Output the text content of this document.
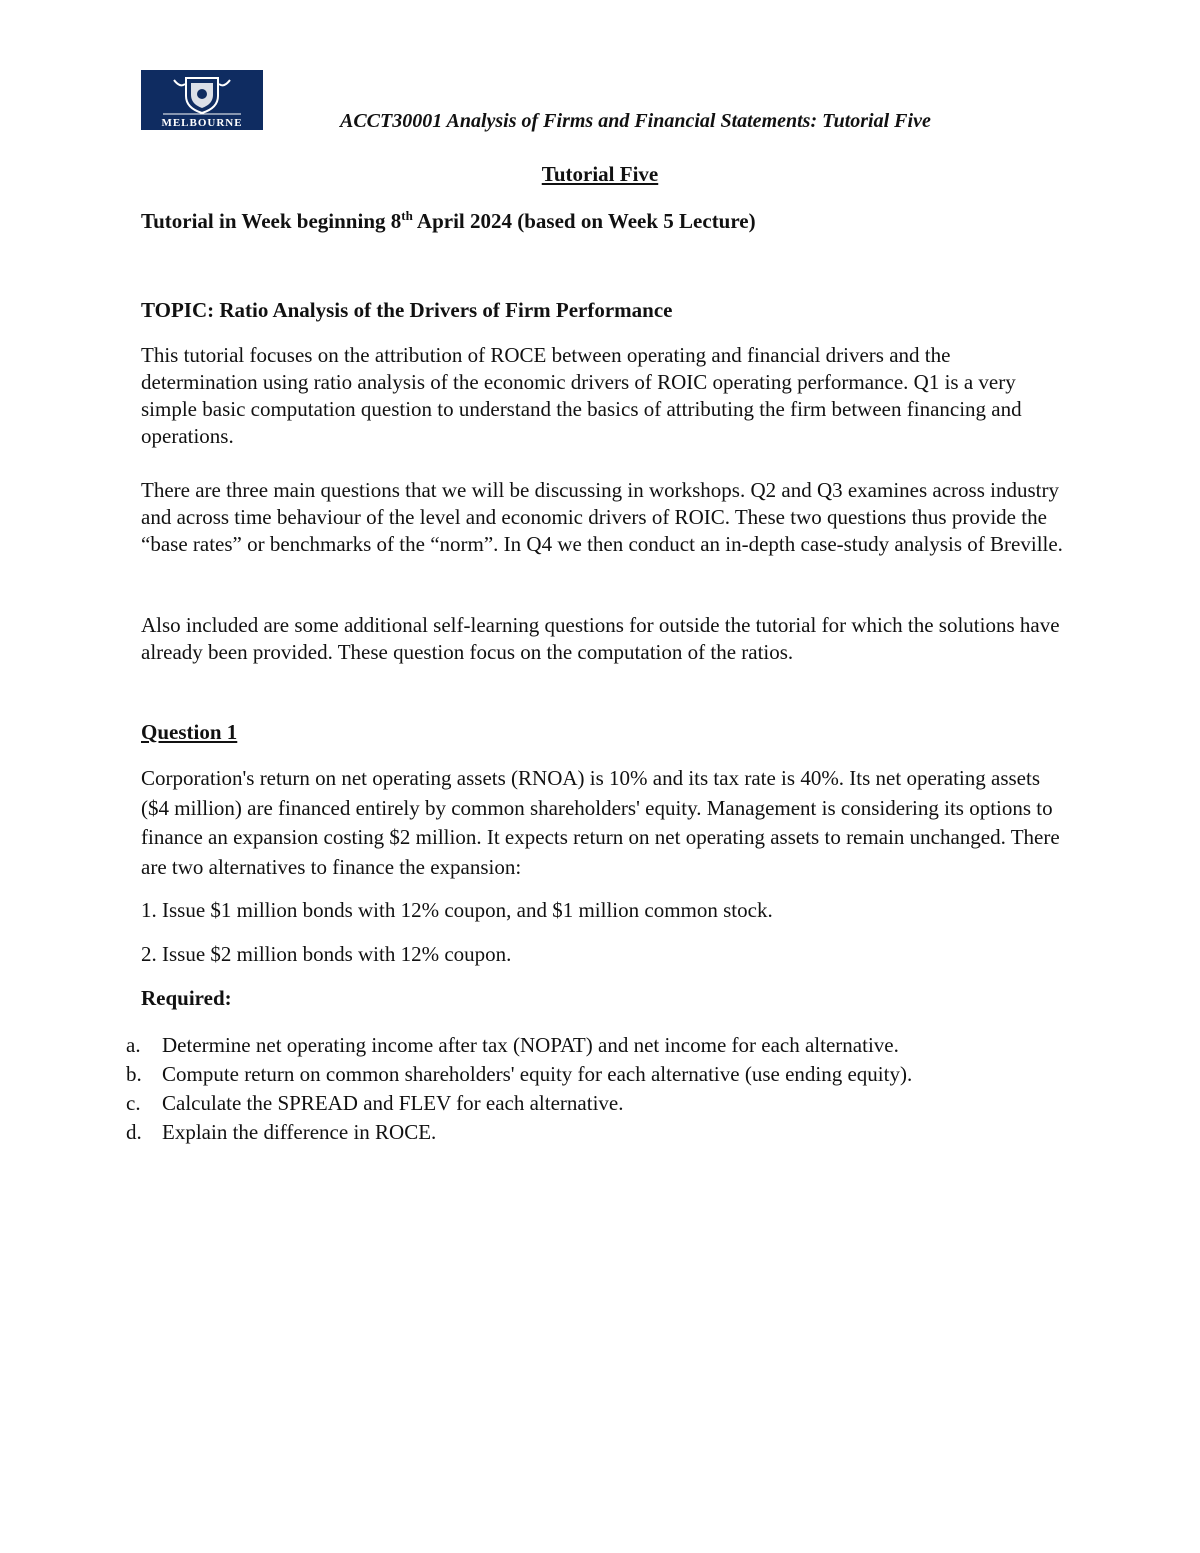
MELBOURNE	ACCT30001 Analysis of Firms and Financial Statements: Tutorial Five
Tutorial Five
Tutorial in Week beginning 8th April 2024 (based on Week 5 Lecture)
TOPIC: Ratio Analysis of the Drivers of Firm Performance

This tutorial focuses on the attribution of ROCE between operating and financial drivers and the determination using ratio analysis of the economic drivers of ROIC operating performance. Q1 is a very simple basic computation question to understand the basics of attributing the firm between financing and operations.

There are three main questions that we will be discussing in workshops. Q2 and Q3 examines across industry and across time behaviour of the level and economic drivers of ROIC. These two questions thus provide the “base rates” or benchmarks of the “norm”. In Q4 we then conduct an in-depth case-study analysis of Breville.

Also included are some additional self-learning questions for outside the tutorial for which the solutions have already been provided. These question focus on the computation of the ratios.

Question 1

Corporation's return on net operating assets (RNOA) is 10% and its tax rate is 40%. Its net operating assets ($4 million) are financed entirely by common shareholders' equity. Management is considering its options to finance an expansion costing $2 million. It expects return on net operating assets to remain unchanged. There are two alternatives to finance the expansion:

1. Issue $1 million bonds with 12% coupon, and $1 million common stock.
2. Issue $2 million bonds with 12% coupon.
Required:
a. Determine net operating income after tax (NOPAT) and net income for each alternative.
b. Compute return on common shareholders' equity for each alternative (use ending equity).
c. Calculate the SPREAD and FLEV for each alternative.
d. Explain the difference in ROCE.
